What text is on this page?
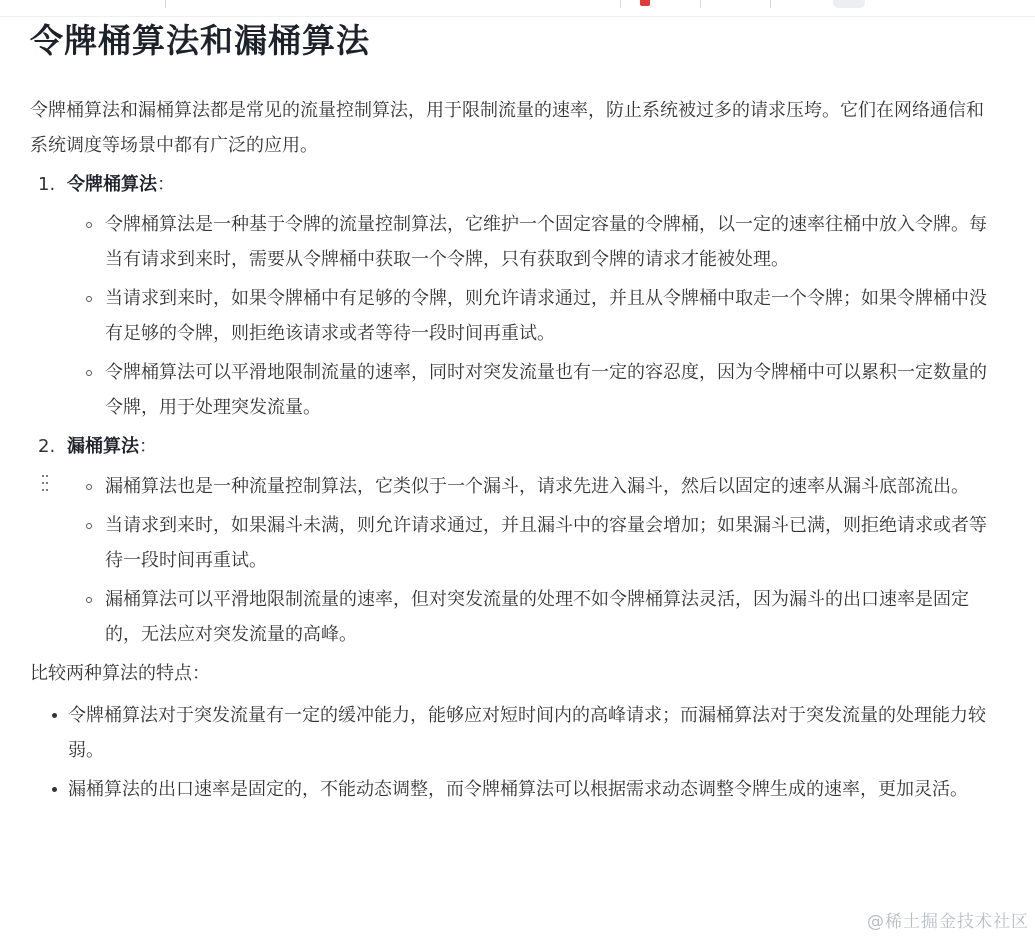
令牌桶算法和漏桶算法

令牌桶算法和漏桶算法都是常见的流量控制算法，用于限制流量的速率，防止系统被过多的请求压垮。它们在网络通信和系统调度等场景中都有广泛的应用。

1. 令牌桶算法：
令牌桶算法是一种基于令牌的流量控制算法，它维护一个固定容量的令牌桶，以一定的速率往桶中放入令牌。每当有请求到来时，需要从令牌桶中获取一个令牌，只有获取到令牌的请求才能被处理。
当请求到来时，如果令牌桶中有足够的令牌，则允许请求通过，并且从令牌桶中取走一个令牌；如果令牌桶中没有足够的令牌，则拒绝该请求或者等待一段时间再重试。
令牌桶算法可以平滑地限制流量的速率，同时对突发流量也有一定的容忍度，因为令牌桶中可以累积一定数量的令牌，用于处理突发流量。
2. 漏桶算法：

漏桶算法也是一种流量控制算法，它类似于一个漏斗，请求先进入漏斗，然后以固定的速率从漏斗底部流出。
当请求到来时，如果漏斗未满，则允许请求通过，并且漏斗中的容量会增加；如果漏斗已满，则拒绝请求或者等待一段时间再重试。
漏桶算法可以平滑地限制流量的速率，但对突发流量的处理不如令牌桶算法灵活，因为漏斗的出口速率是固定的，无法应对突发流量的高峰。

比较两种算法的特点：

令牌桶算法对于突发流量有一定的缓冲能力，能够应对短时间内的高峰请求；而漏桶算法对于突发流量的处理能力较弱。
漏桶算法的出口速率是固定的，不能动态调整，而令牌桶算法可以根据需求动态调整令牌生成的速率，更加灵活。
@稀土掘金技术社区
